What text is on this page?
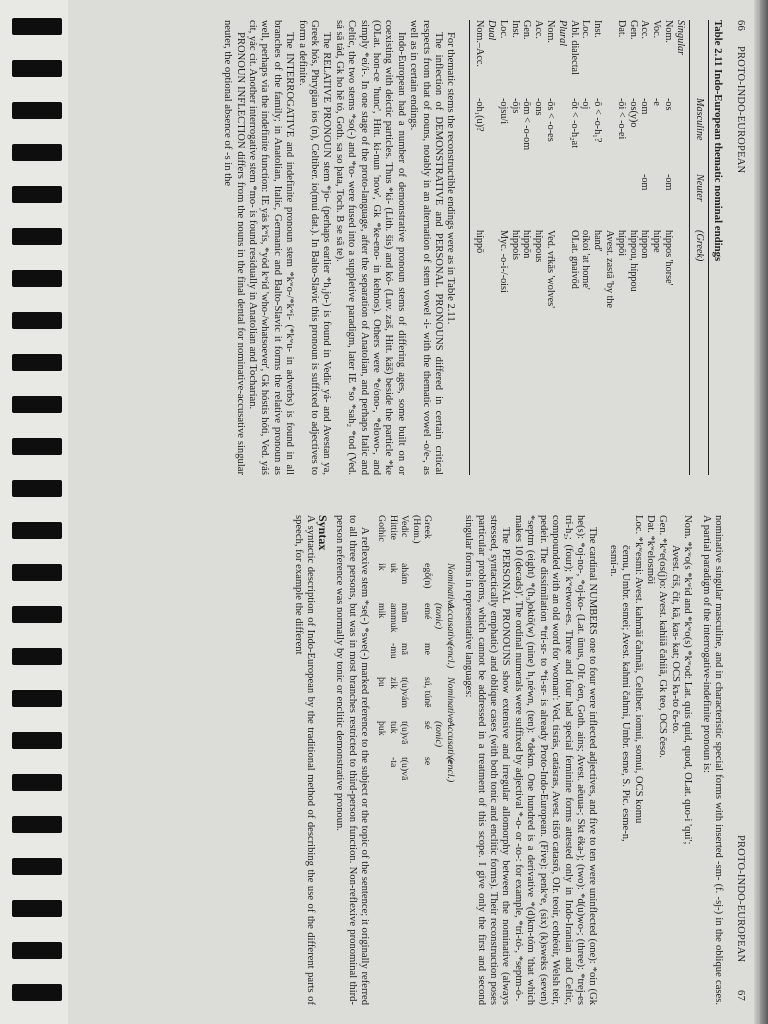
66
PROTO-INDO-EUROPEAN
Table 2.11 Indo-European thematic nominal endings
Masculine
Neuter
(Greek)
Singular
Nom.
-os
-om
híppos 'horse'
Voc.
-e
híppe
Acc.
-om
-om
híppon
Gen.
-os(y)o
híppou, híppou
Dat.
-ōi < -o-ei
híppōi
Avest. zastā 'by the
Inst.
-ō < -o-h₁?
hand'
Loc.
-oj
oíkoi 'at home'
Abl. dialectal
-ōt < -o-h₂at
OLat. gnaivōd
Plural
Nom.
-ōs < -o-es
Ved. vŕkās 'wolves'
Acc.
-ons
híppous
Gen.
-ōm < -o-om
híppōn
Inst.
-ōjs
híppois
Loc.
-ojsu/i
Myc. -o-i-/-oisi
Dual
Nom.–Acc.
-oh₁(u)?
híppō

For thematic stems the reconstructible endings were as in Table 2.11.

The inflection of DEMONSTRATIVE and PERSONAL PRONOUNS differed in certain critical respects from that of nouns, notably in an alternation of stem vowel -i- with the thematic vowel -o/e-, as well as in certain endings.

Indo-European had a number of demonstrative pronoun stems of differing ages, some built on or coexisting with deictic particles. Thus *ki- (Lith. šis) and kó- (Luv. zaš, Hitt. kāš) beside the particle *ke (OLat. hon-ce 'hunc', Hitt. ki-nun 'now', Gk *ke-eno- in kehnos). Others were *e/ono-, *elowo-, and simply *ei/i-. In one stage of the proto-language, after the separation of Anatolian, and perhaps Italic and Celtic, the two stems *so(-) and *to- were fused into a suppletive paradigm, later IE *so *sah₂ *tod (Ved. sá sā tád, Gk ho hē tó, Goth. sa so þata, Toch. B se sā te).

The RELATIVE PRONOUN stem *jo- (perhaps earlier *h₁jo-) is found in Vedic yá- and Avestan ya, Greek hós, Phrygian ios (n), Celtiber. io(mui dat.). In Balto-Slavic this pronoun is suffixed to adjectives to form a definite.

The INTERROGATIVE and indefinite pronoun stem *kʷo-/*kʷi- (*kʷu- in adverbs) is found in all branches of the family; in Anatolian, Italic, Germanic and Balto-Slavic it forms the relative pronoun as well, perhaps via the indefinite function: IE yás kʷís, *yód kʷíd 'who-/whatsoever', Gk hóstis hóti, Ved. yáś cit, yác cit. Another interrogative stem *mo- is found residually in Anatolian and Tocharian.

PRONOUN INFLECTION differs from the nouns in the final dental for nominative-accusative singular neuter, the optional absence of -s in the

PROTO-INDO-EUROPEAN
67

nominative singular masculine, and in characteristic special forms with inserted -sm- (f. -sj-) in the oblique cases. A partial paradigm of the interrogative-indefinite pronoun is:

Nom. *kʷo(s *kʷid and *kʷo(s) *kʷod: Lat. quis quid, quod, OLat. quo-i 'qui';
Avest. čiš, čit, kā, kas- kat; OCS kъ-to čь-to.
Gen. *kʷe(os(j)o: Avest. kahiiā čahiiā, Gk teo, OCS česo.
Dat. *kʷelosmōi
Loc. *kʷesmi: Avest. kahmāi čahmāi, Celtiber. iomui, somui, OCS komu
čemu, Umbr. esmei; Avest. kahmi čahmi, Umbr. esme, S. Pic. esme-n,
esmí-n.

The cardinal NUMBERS one to four were inflected adjectives, and five to ten were uninflected (one): *oin (Gk he(s): *oj-no-, *oj-ko- (Lat. ūnus, OIr. óen, Goth. ains; Avest. aēuua-; Skt éka-); (two): *d(u)wo-; (three): *trej-es tri-h₂; (four); kʷetwor-es. Three and four had special feminine forms attested only in Indo-Iranian and Celtic, compounded with an old word for 'woman': Ved. tisrás, catásras, Avest. tišrō catasrō, OIr. teoir, cethéoir, Welsh teir, pedeir. The dissimilation *tri-sr- to *ti-sr- is already Proto-Indo-European. (Five): penkʷe, (six) (k)sweks (seven) *septm (eight) *(h₃)oktō(w) (nine) h₁néwn, (ten): *dekm. One hundred is a derivative *(d)km-tóm 'that which makes 10 (decads)'. The ordinal numerals were suffixed by adjectival *-o- or -to-: for example, *tri-tó-, *septm-ó-.

The PERSONAL PRONOUNS show extensive and irregular allomorphy between the nominative (always stressed, syntactically emphatic) and oblique cases (with both tonic and enclitic forms). Their reconstruction poses particular problems, which cannot be addressed in a treatment of this scope. I give only the first and second singular forms in representative languages:

Nominative
Accusative (tonic)
(encl.)
Nominative
Accusative (tonic)
(encl.)
Greek (Hom.)
egṓ(n)
emé
me
sú, túnē
sé
se
Vedic
ahám
mām
mā
t(u)vám
t(u)vā
t(u)vā
Hittite
uk
ammuk
-mu
zik
tuk
-ta
Gothic
ik
mik
þu
þuk

A reflexive stem *se(-) *swe(-) marked reference to the subject or the topic of the sentence; it originally referred to all three persons, but was in most branches restricted to third-person function. Non-reflexive pronominal third-person reference was normally by tonic or enclitic demonstrative pronoun.

Syntax

A syntactic description of Indo-European by the traditional method of describing the use of the different parts of speech, for example the different
